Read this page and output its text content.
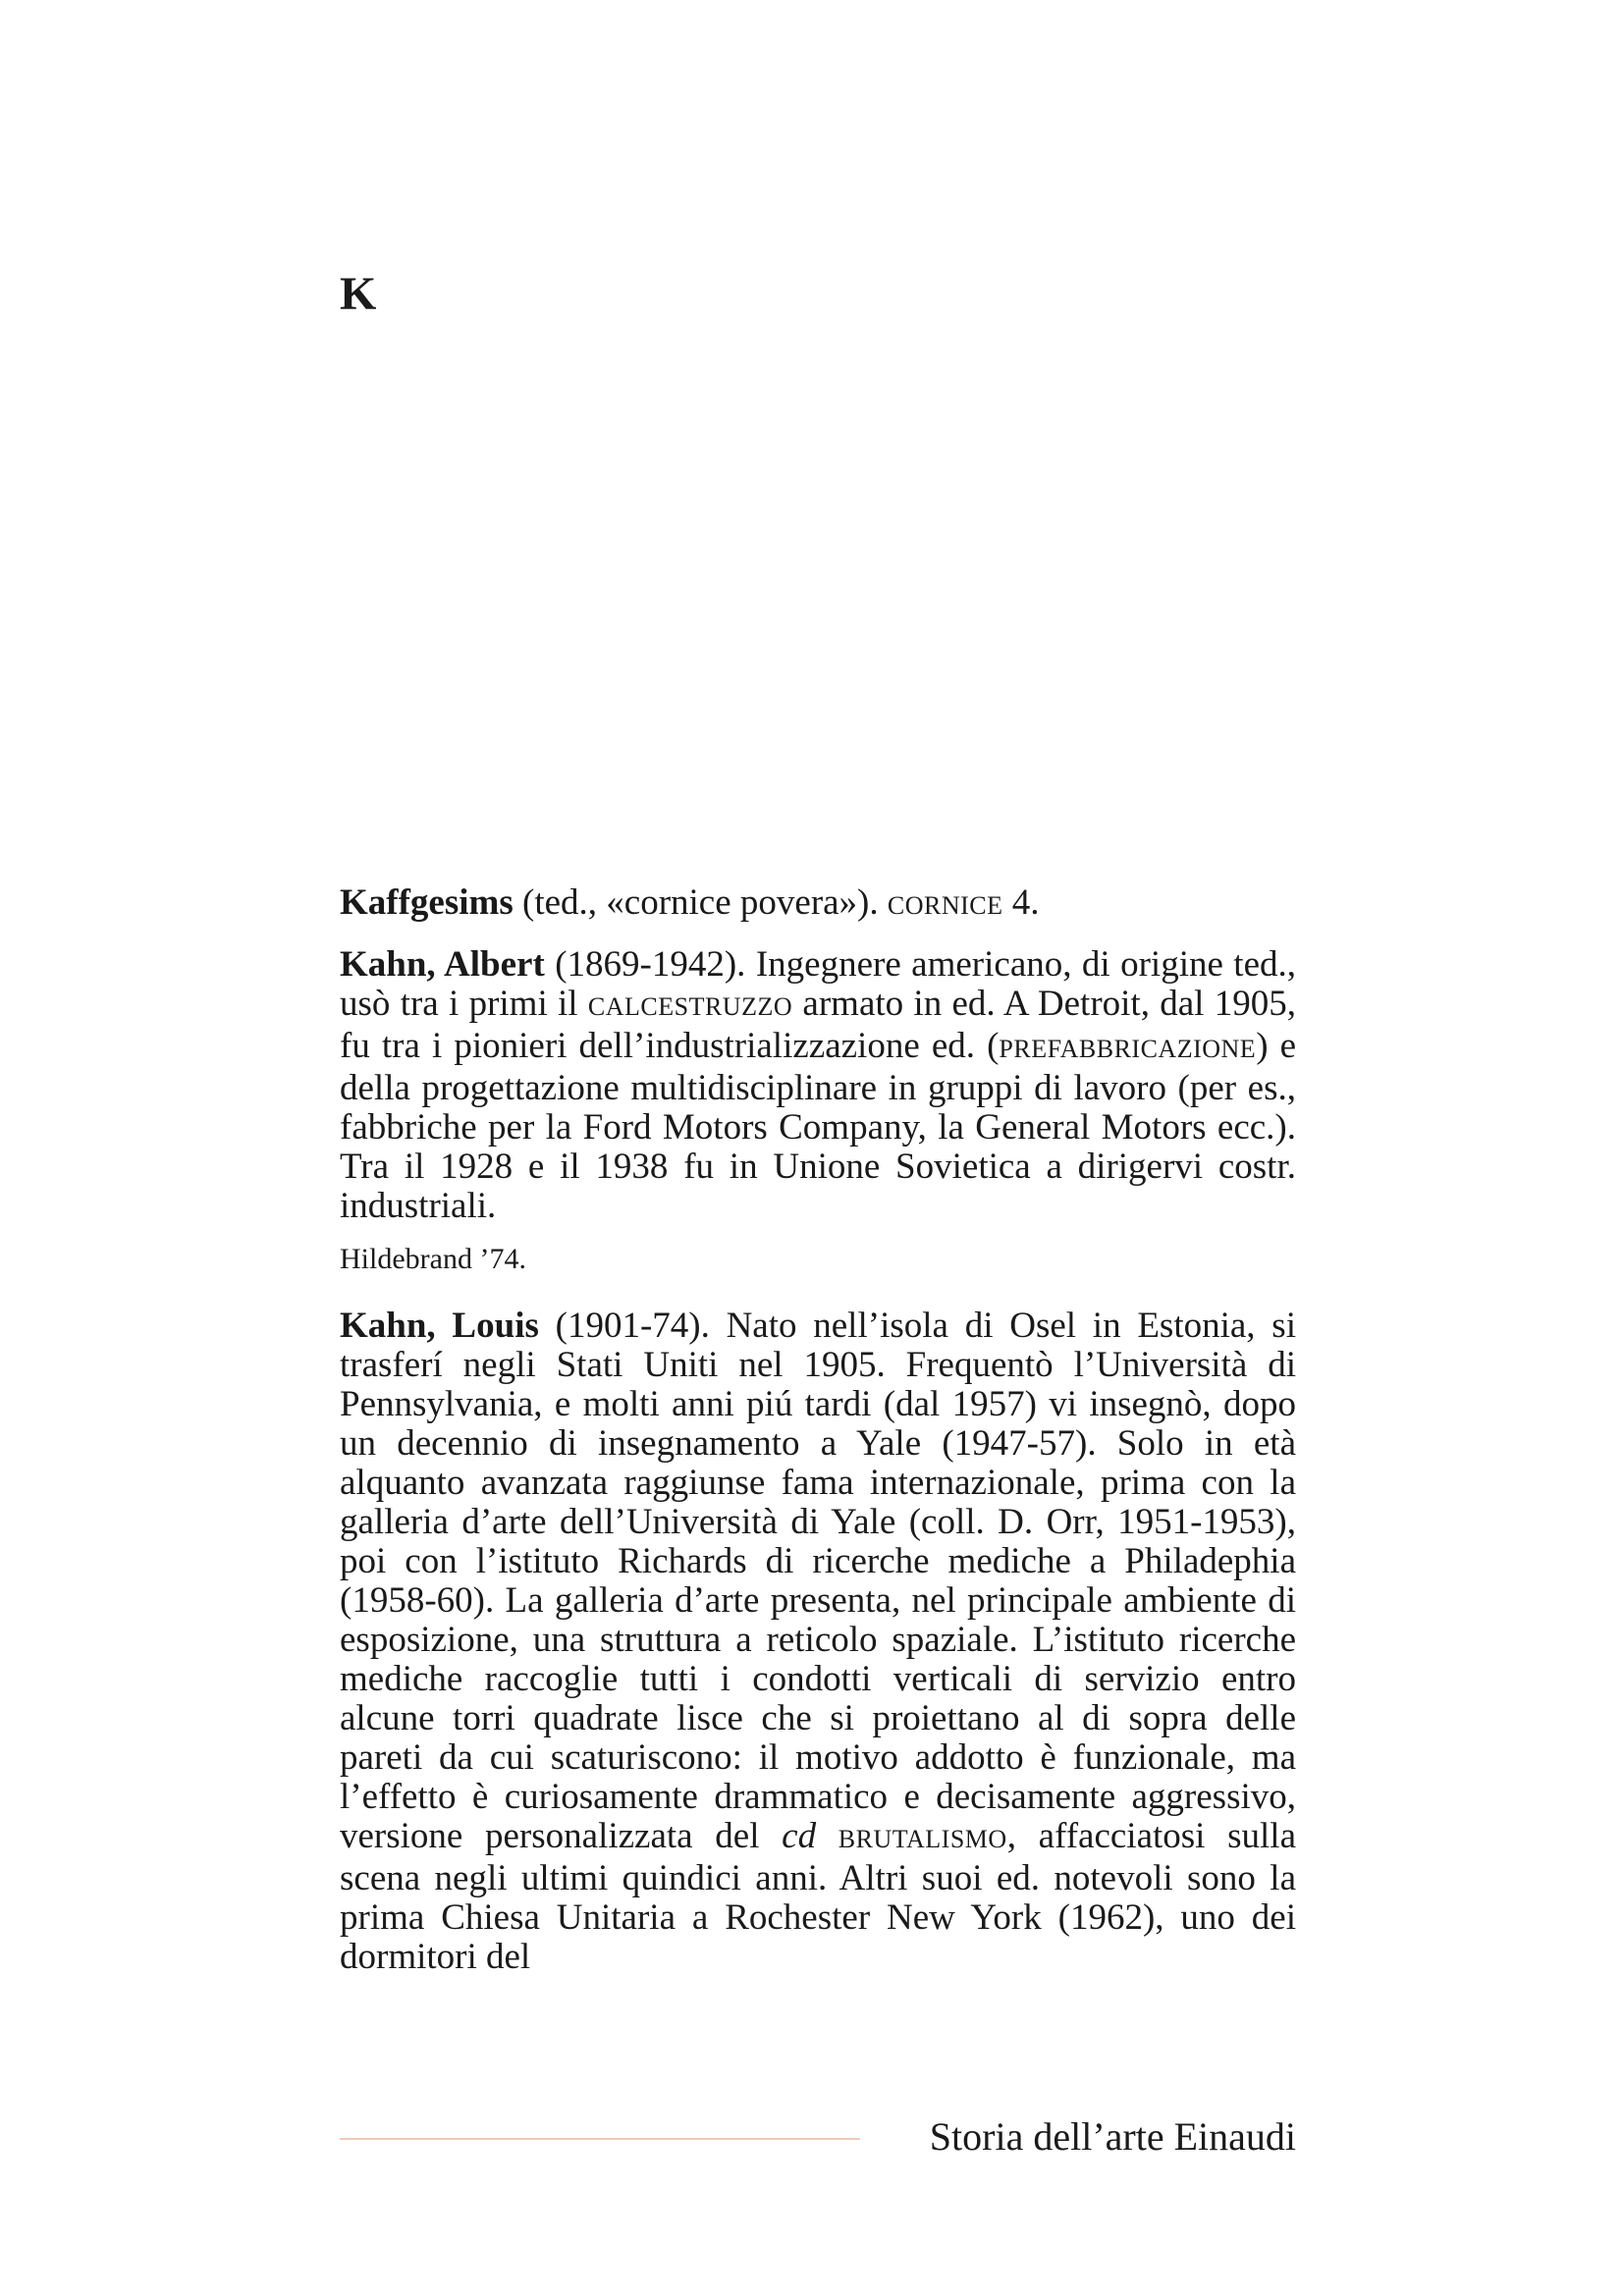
K

Kaffgesims (ted., «cornice povera»). CORNICE 4.

Kahn, Albert (1869-1942). Ingegnere americano, di origine ted., usò tra i primi il CALCESTRUZZO armato in ed. A Detroit, dal 1905, fu tra i pionieri dell’industrializzazione ed. (PREFABBRICAZIONE) e della progettazione multidisciplinare in gruppi di lavoro (per es., fabbriche per la Ford Motors Company, la General Motors ecc.). Tra il 1928 e il 1938 fu in Unione Sovietica a dirigervi costr. industriali.

Hildebrand ’74.

Kahn, Louis (1901-74). Nato nell’isola di Osel in Estonia, si trasferí negli Stati Uniti nel 1905. Frequentò l’Università di Pennsylvania, e molti anni piú tardi (dal 1957) vi insegnò, dopo un decennio di insegnamento a Yale (1947-57). Solo in età alquanto avanzata raggiunse fama internazionale, prima con la galleria d’arte dell’Università di Yale (coll. D. Orr, 1951-1953), poi con l’istituto Richards di ricerche mediche a Philadephia (1958-60). La galleria d’arte presenta, nel principale ambiente di esposizione, una struttura a reticolo spaziale. L’istituto ricerche mediche raccoglie tutti i condotti verticali di servizio entro alcune torri quadrate lisce che si proiettano al di sopra delle pareti da cui scaturiscono: il motivo addotto è funzionale, ma l’effetto è curiosamente drammatico e decisamente aggressivo, versione personalizzata del cd BRUTALISMO, affacciatosi sulla scena negli ultimi quindici anni. Altri suoi ed. notevoli sono la prima Chiesa Unitaria a Rochester New York (1962), uno dei dormitori del

Storia dell’arte Einaudi
